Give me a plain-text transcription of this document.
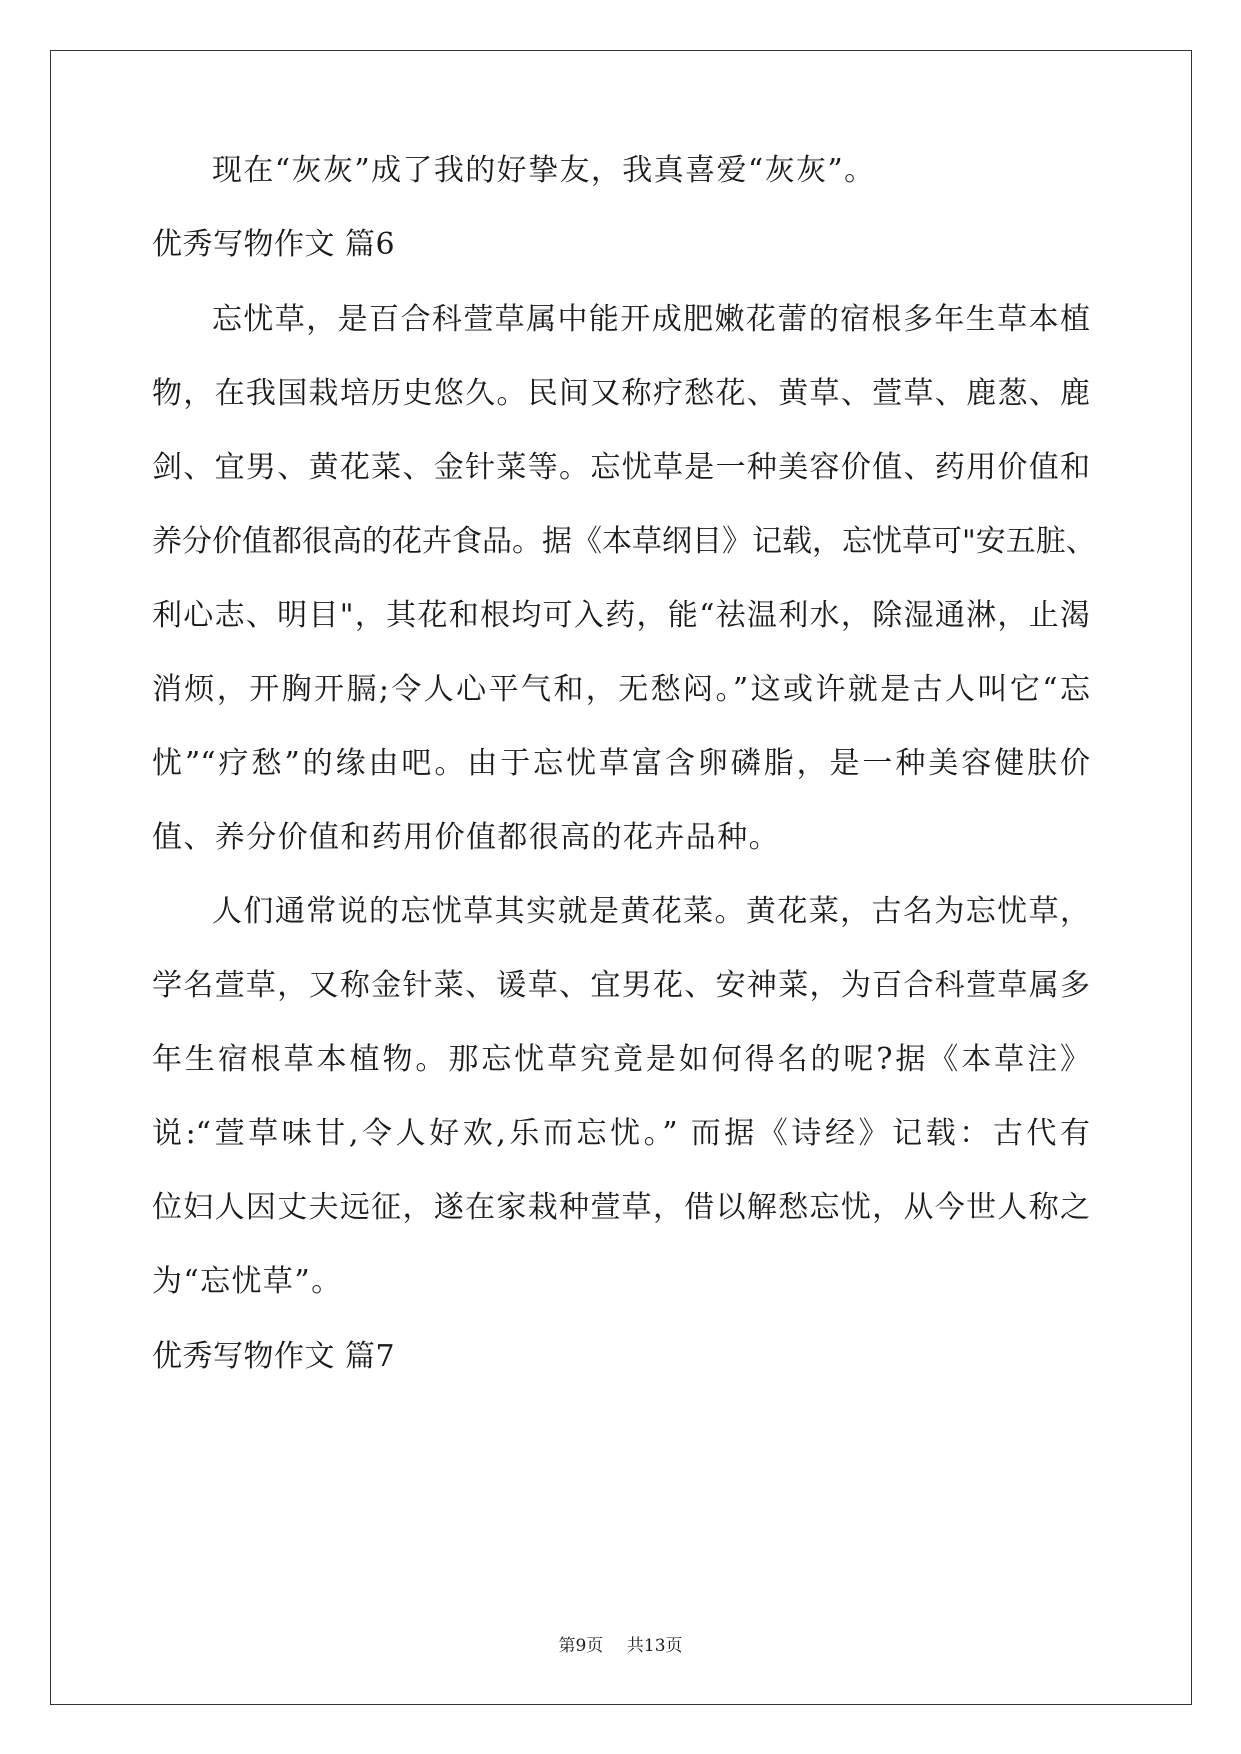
现在“灰灰”成了我的好挚友，我真喜爱“灰灰”。
优秀写物作文 篇6
忘忧草，是百合科萱草属中能开成肥嫩花蕾的宿根多年生草本植
物，在我国栽培历史悠久。民间又称疗愁花、黄草、萱草、鹿葱、鹿
剑、宜男、黄花菜、金针菜等。忘忧草是一种美容价值、药用价值和
养分价值都很高的花卉食品。据《本草纲目》记载，忘忧草可"安五脏、
利心志、明目"，其花和根均可入药，能“祛温利水，除湿通淋，止渴
消烦，开胸开膈;令人心平气和，无愁闷。”这或许就是古人叫它“忘
忧”“疗愁”的缘由吧。由于忘忧草富含卵磷脂，是一种美容健肤价
值、养分价值和药用价值都很高的花卉品种。
人们通常说的忘忧草其实就是黄花菜。黄花菜，古名为忘忧草，
学名萱草，又称金针菜、谖草、宜男花、安神菜，为百合科萱草属多
年生宿根草本植物。那忘忧草究竟是如何得名的呢?据《本草注》
说:“萱草味甘,令人好欢,乐而忘忧。” 而据《诗经》记载：古代有
位妇人因丈夫远征，遂在家栽种萱草，借以解愁忘忧，从今世人称之
为“忘忧草”。
优秀写物作文 篇7
第9页 共13页
